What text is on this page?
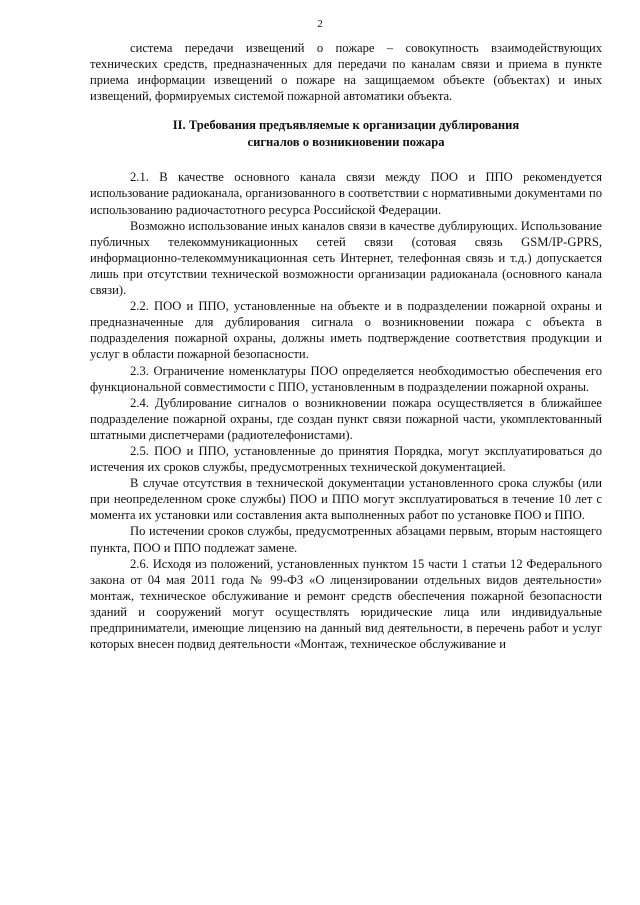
2

система передачи извещений о пожаре – совокупность взаимодействующих технических средств, предназначенных для передачи по каналам связи и приема в пункте приема информации извещений о пожаре на защищаемом объекте (объектах) и иных извещений, формируемых системой пожарной автоматики объекта.

II. Требования предъявляемые к организации дублирования
сигналов о возникновении пожара

2.1. В качестве основного канала связи между ПОО и ППО рекомендуется использование радиоканала, организованного в соответствии с нормативными документами по использованию радиочастотного ресурса Российской Федерации.

Возможно использование иных каналов связи в качестве дублирующих. Использование публичных телекоммуникационных сетей связи (сотовая связь GSM/IP-GPRS, информационно-телекоммуникационная сеть Интернет, телефонная связь и т.д.) допускается лишь при отсутствии технической возможности организации радиоканала (основного канала связи).

2.2. ПОО и ППО, установленные на объекте и в подразделении пожарной охраны и предназначенные для дублирования сигнала о возникновении пожара с объекта в подразделения пожарной охраны, должны иметь подтверждение соответствия продукции и услуг в области пожарной безопасности.

2.3. Ограничение номенклатуры ПОО определяется необходимостью обеспечения его функциональной совместимости с ППО, установленным в подразделении пожарной охраны.

2.4. Дублирование сигналов о возникновении пожара осуществляется в ближайшее подразделение пожарной охраны, где создан пункт связи пожарной части, укомплектованный штатными диспетчерами (радиотелефонистами).

2.5. ПОО и ППО, установленные до принятия Порядка, могут эксплуатироваться до истечения их сроков службы, предусмотренных технической документацией.

В случае отсутствия в технической документации установленного срока службы (или при неопределенном сроке службы) ПОО и ППО могут эксплуатироваться в течение 10 лет с момента их установки или составления акта выполненных работ по установке ПОО и ППО.

По истечении сроков службы, предусмотренных абзацами первым, вторым настоящего пункта, ПОО и ППО подлежат замене.

2.6. Исходя из положений, установленных пунктом 15 части 1 статьи 12 Федерального закона от 04 мая 2011 года № 99-ФЗ «О лицензировании отдельных видов деятельности» монтаж, техническое обслуживание и ремонт средств обеспечения пожарной безопасности зданий и сооружений могут осуществлять юридические лица или индивидуальные предприниматели, имеющие лицензию на данный вид деятельности, в перечень работ и услуг которых внесен подвид деятельности «Монтаж, техническое обслуживание и
